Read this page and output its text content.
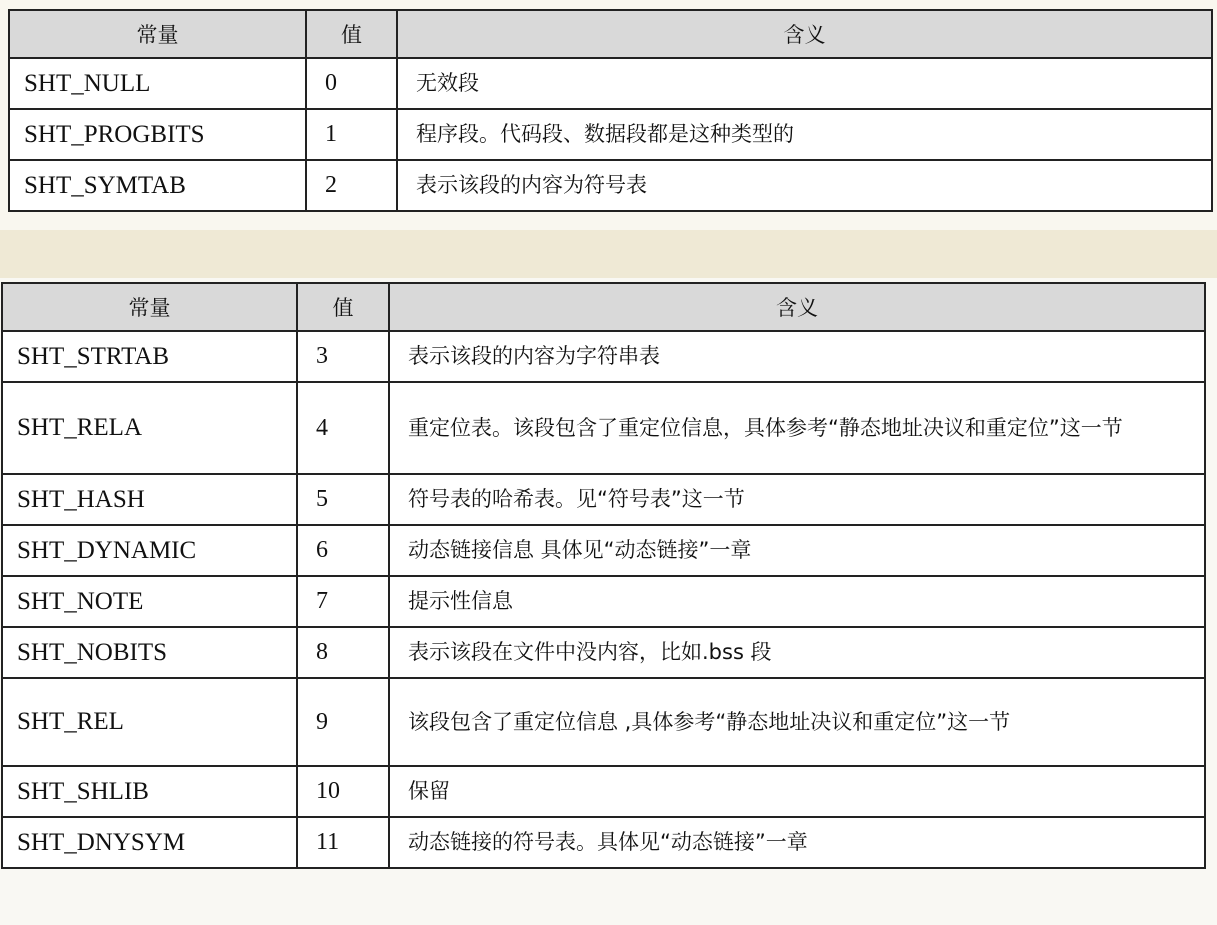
常量	值	含义
SHT_NULL	0	无效段
SHT_PROGBITS	1	程序段。代码段、数据段都是这种类型的
SHT_SYMTAB	2	表示该段的内容为符号表
常量	值	含义
SHT_STRTAB	3	表示该段的内容为字符串表
SHT_RELA	4	重定位表。该段包含了重定位信息，具体参考“静态地址决议和重定位”这一节
SHT_HASH	5	符号表的哈希表。见“符号表”这一节
SHT_DYNAMIC	6	动态链接信息 具体见“动态链接”一章
SHT_NOTE	7	提示性信息
SHT_NOBITS	8	表示该段在文件中没内容，比如.bss 段
SHT_REL	9	该段包含了重定位信息 ,具体参考“静态地址决议和重定位”这一节
SHT_SHLIB	10	保留
SHT_DNYSYM	11	动态链接的符号表。具体见“动态链接”一章
